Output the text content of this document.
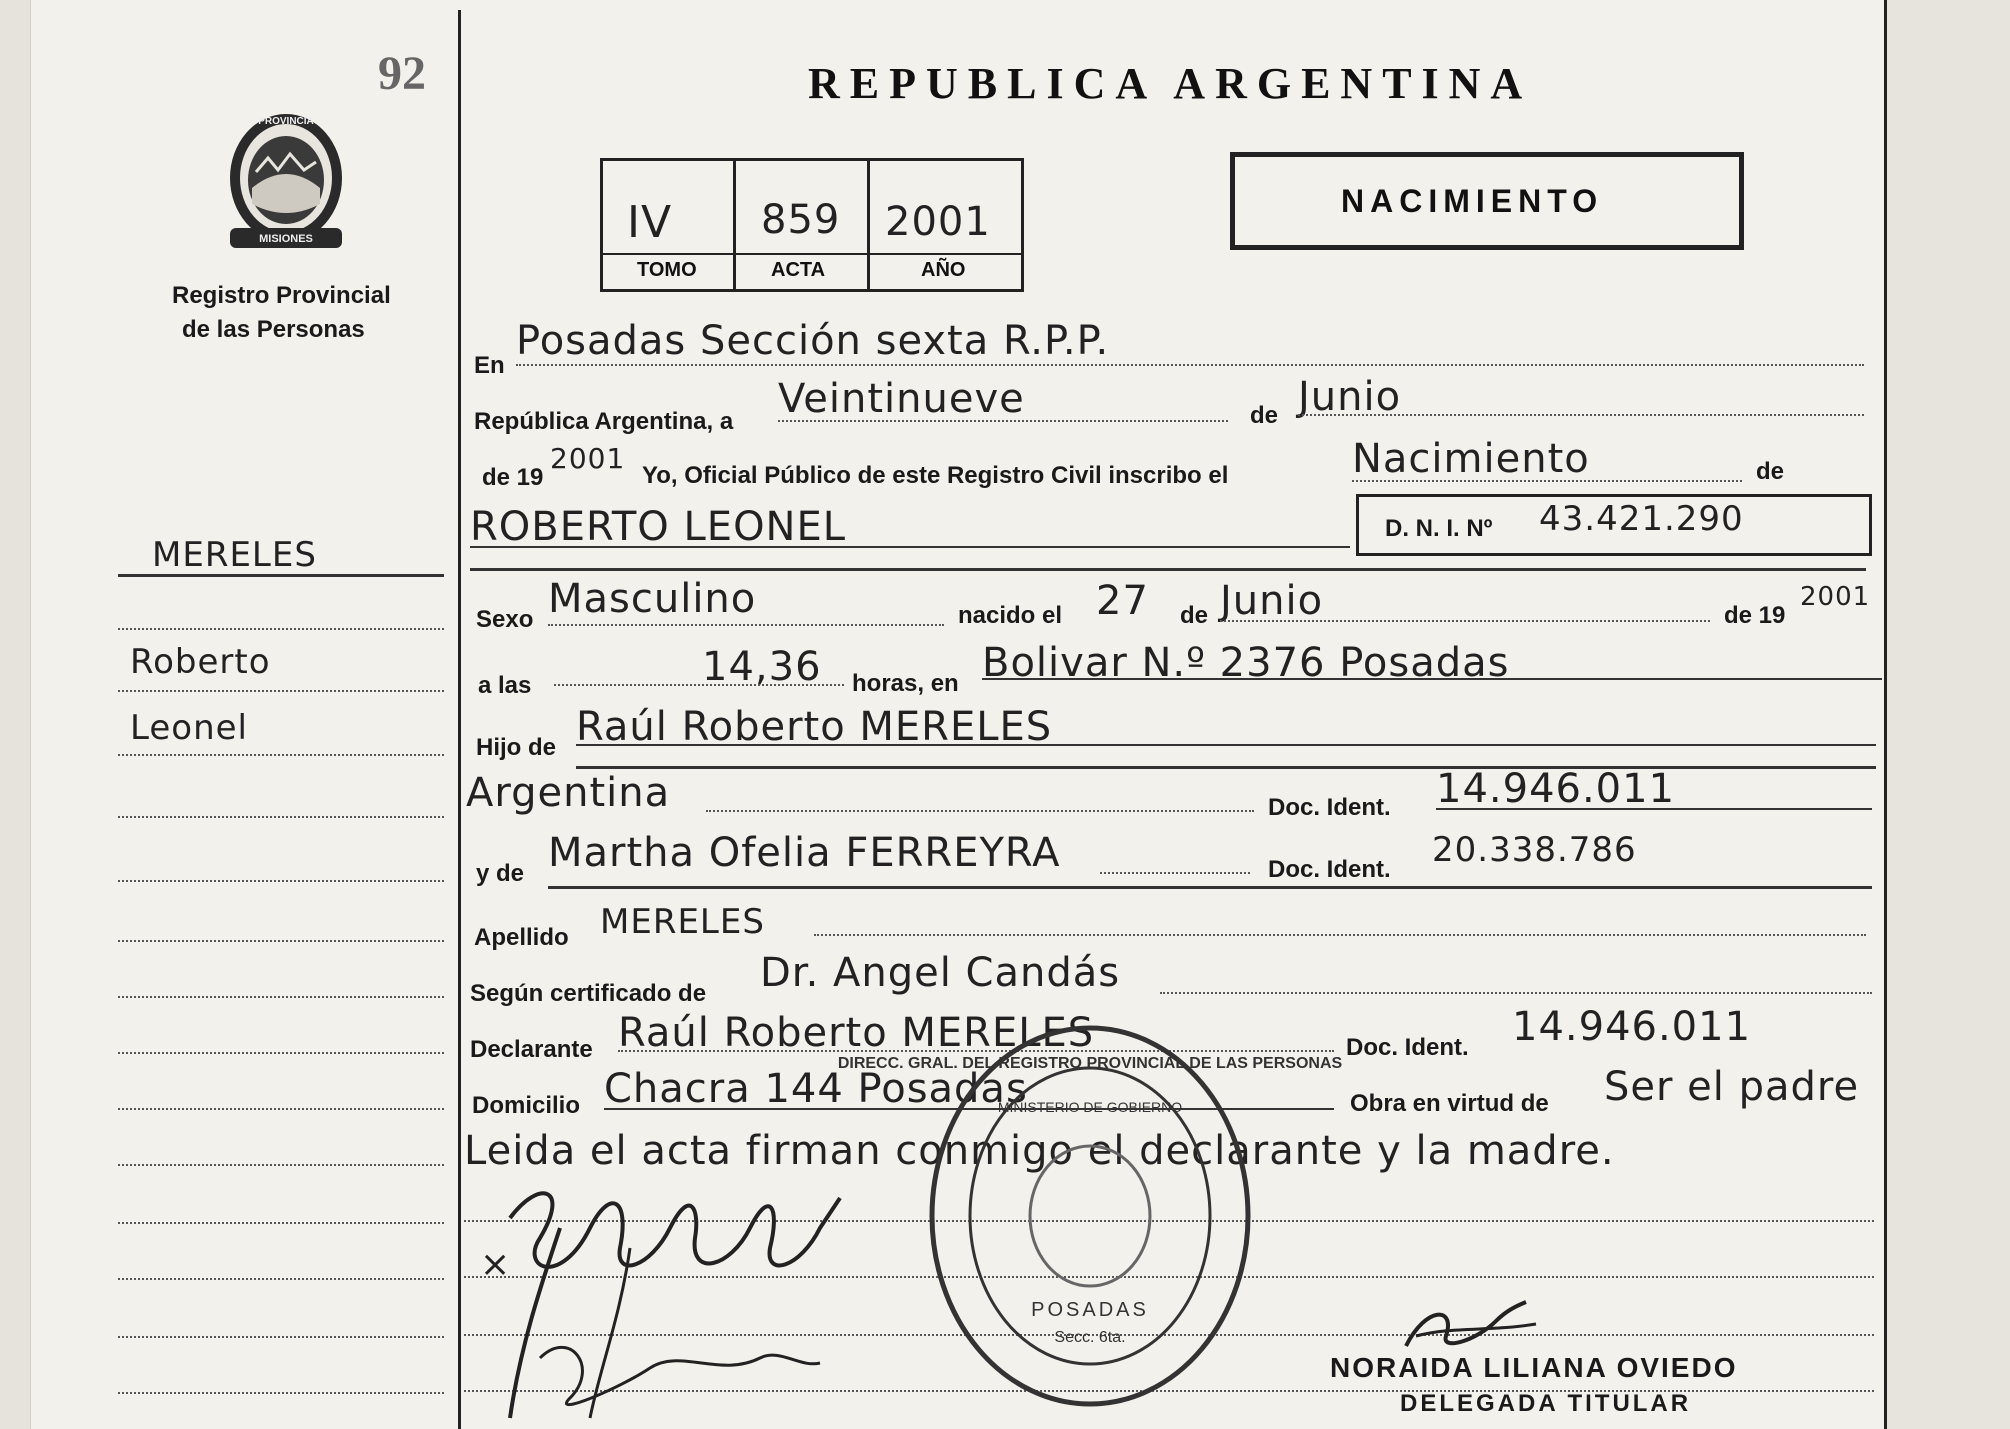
92
MISIONES
PROVINCIA
Registro Provincial
de las Personas
MERELES
Roberto
Leonel
REPUBLICA ARGENTINA
IV 859 2001
TOMO	ACTA	AÑO
NACIMIENTO
En
Posadas Sección sexta R.P.P.
República Argentina, a Veintinueve	de Junio
de 19
2001
Yo, Oficial Público de este Registro Civil inscribo el	Nacimiento	de
ROBERTO LEONEL	D. N. I. Nº 43.421.290
Sexo Masculino	nacido el 27 de Junio	de 19
2001
a las	14,36 horas, en Bolivar N.º 2376 Posadas
Hijo de Raúl Roberto MERELES
Argentina	Doc. Ident. 14.946.011
y de Martha Ofelia FERREYRA	Doc. Ident. 20.338.786
Apellido MERELES
Según certificado de Dr. Angel Candás
Declarante Raúl Roberto MERELES	Doc. Ident. 14.946.011
Domicilio Chacra 144 Posadas	Obra en virtud de Ser el padre
Leida el acta firman conmigo el declarante y la madre.
×
DIRECC. GRAL. DEL REGISTRO PROVINCIAL DE LAS PERSONAS
MINISTERIO DE GOBIERNO
POSADAS
Secc. 6ta.
NORAIDA LILIANA OVIEDO
DELEGADA TITULAR
